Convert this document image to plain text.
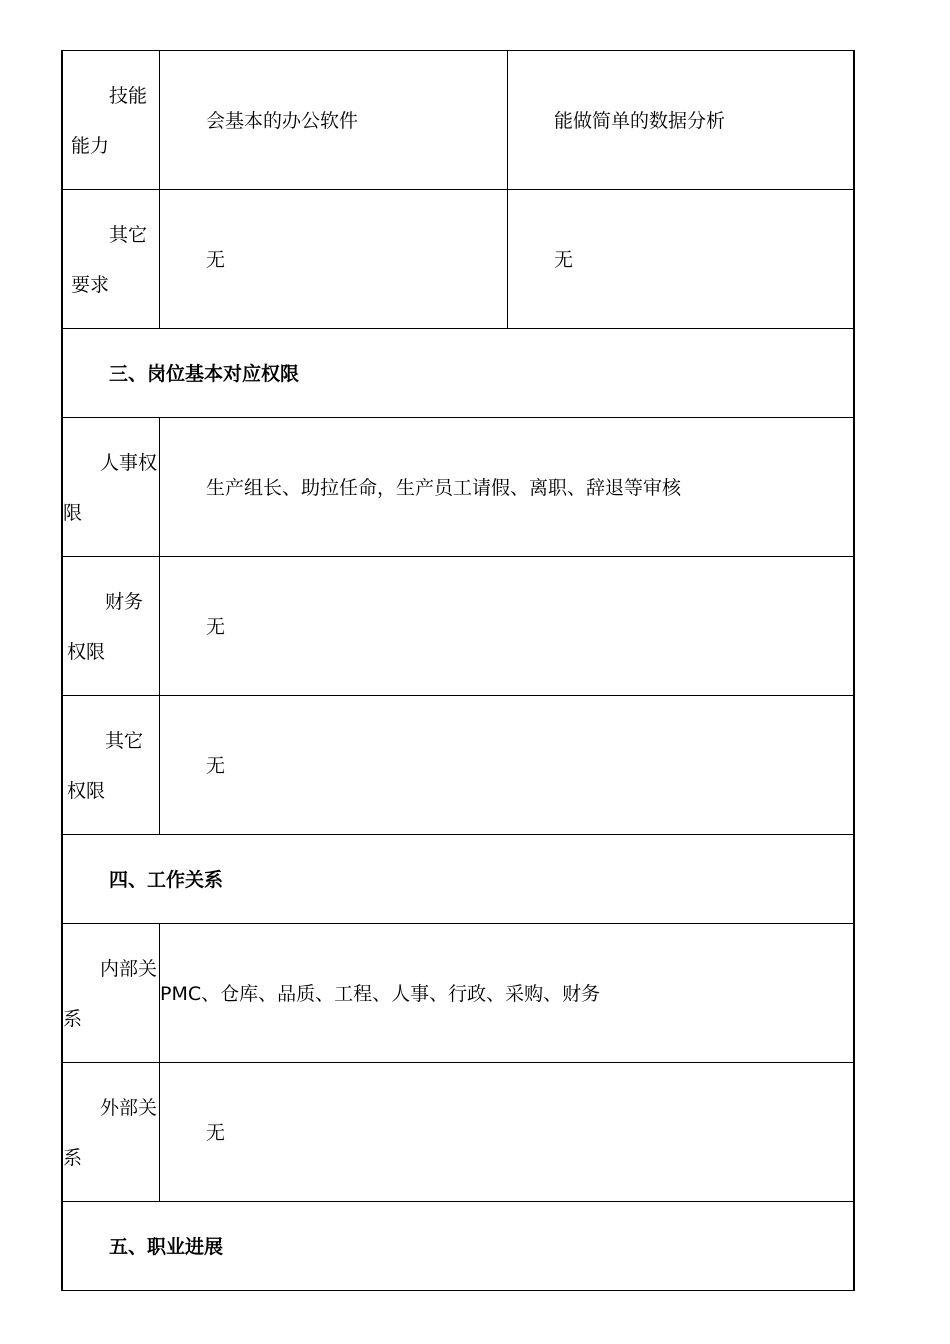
技能
能力
会基本的办公软件	能做简单的数据分析
其它
要求
无	无
三、岗位基本对应权限
人事权
限
生产组长、助拉任命，生产员工请假、离职、辞退等审核
财务
权限
无
其它
权限
无
四、工作关系
内部关
系
PMC、仓库、品质、工程、人事、行政、采购、财务
外部关
系
无
五、职业进展
